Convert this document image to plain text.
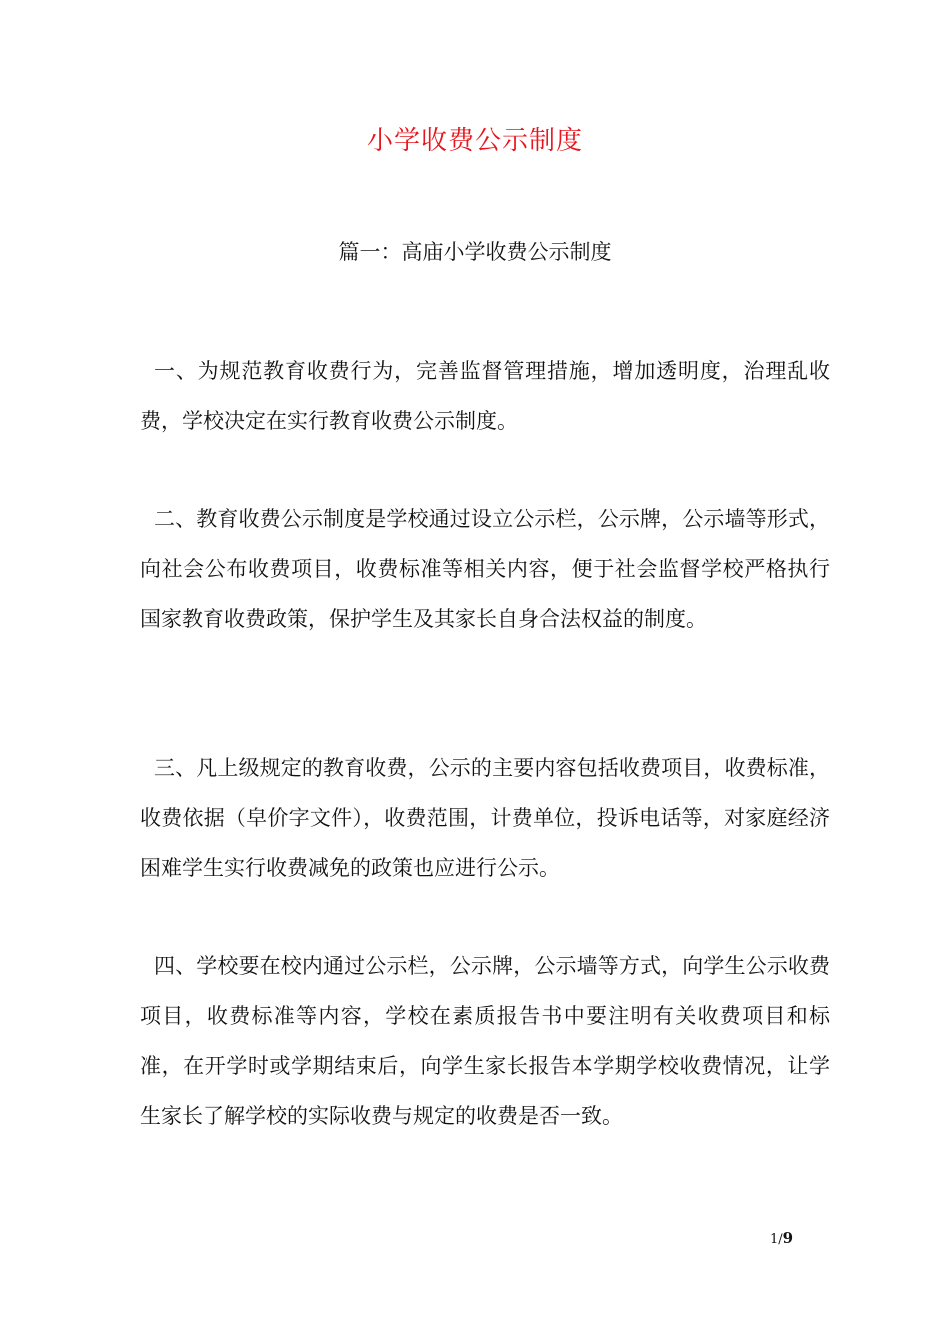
小学收费公示制度
篇一：高庙小学收费公示制度

一、为规范教育收费行为，完善监督管理措施，增加透明度，治理乱收费，学校决定在实行教育收费公示制度。

二、教育收费公示制度是学校通过设立公示栏，公示牌，公示墙等形式，向社会公布收费项目，收费标准等相关内容，便于社会监督学校严格执行国家教育收费政策，保护学生及其家长自身合法权益的制度。

三、凡上级规定的教育收费，公示的主要内容包括收费项目，收费标准，收费依据（皁价字文件），收费范围，计费单位，投诉电话等，对家庭经济困难学生实行收费减免的政策也应进行公示。

四、学校要在校内通过公示栏，公示牌，公示墙等方式，向学生公示收费项目，收费标准等内容，学校在素质报告书中要注明有关收费项目和标准，在开学时或学期结束后，向学生家长报告本学期学校收费情况，让学生家长了解学校的实际收费与规定的收费是否一致。

1/9
